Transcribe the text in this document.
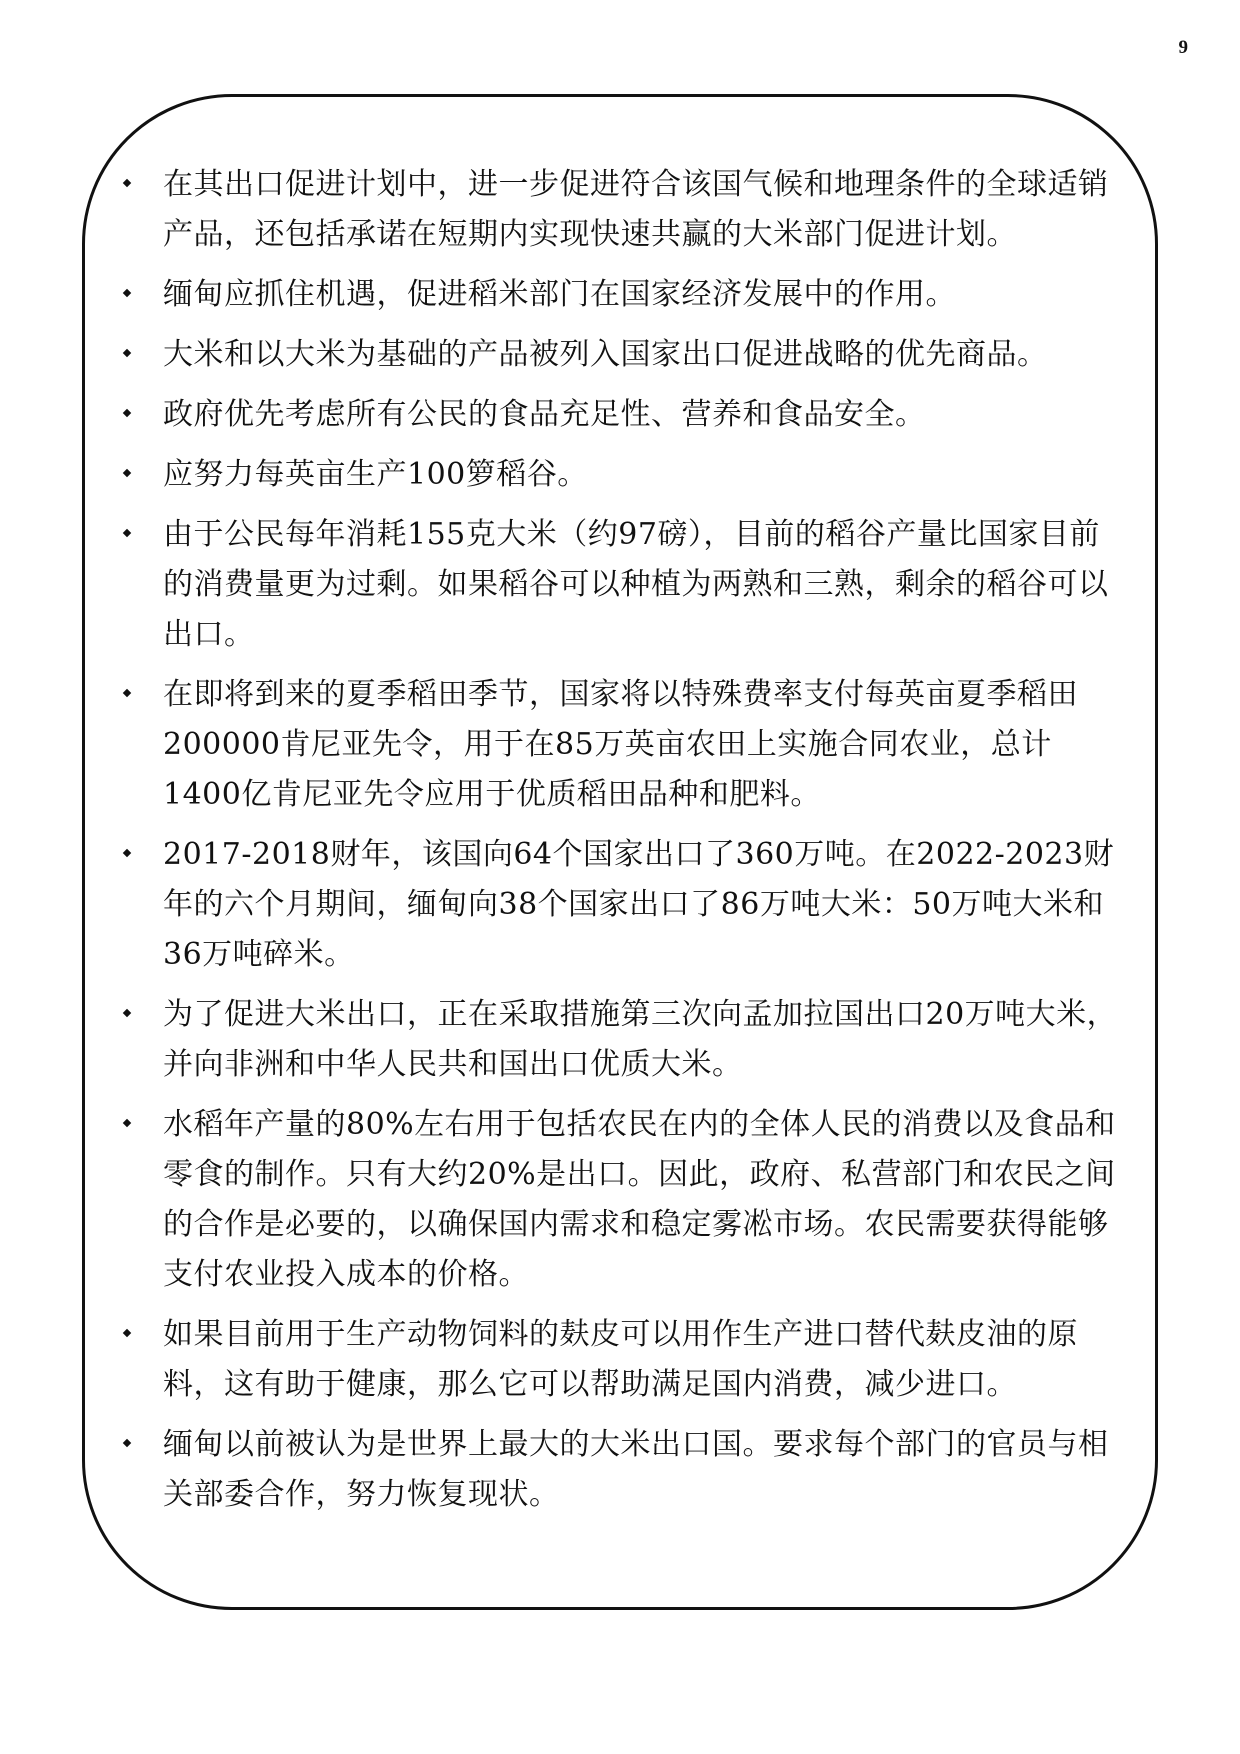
9
在其出口促进计划中，进一步促进符合该国气候和地理条件的全球适销产品，还包括承诺在短期内实现快速共赢的大米部门促进计划。
缅甸应抓住机遇，促进稻米部门在国家经济发展中的作用。
大米和以大米为基础的产品被列入国家出口促进战略的优先商品。
政府优先考虑所有公民的食品充足性、营养和食品安全。
应努力每英亩生产100箩稻谷。
由于公民每年消耗155克大米（约97磅），目前的稻谷产量比国家目前的消费量更为过剩。如果稻谷可以种植为两熟和三熟，剩余的稻谷可以出口。
在即将到来的夏季稻田季节，国家将以特殊费率支付每英亩夏季稻田200000肯尼亚先令，用于在85万英亩农田上实施合同农业，总计1400亿肯尼亚先令应用于优质稻田品种和肥料。
2017-2018财年，该国向64个国家出口了360万吨。在2022-2023财年的六个月期间，缅甸向38个国家出口了86万吨大米：50万吨大米和36万吨碎米。
为了促进大米出口，正在采取措施第三次向孟加拉国出口20万吨大米，并向非洲和中华人民共和国出口优质大米。
水稻年产量的80%左右用于包括农民在内的全体人民的消费以及食品和零食的制作。只有大约20%是出口。因此，政府、私营部门和农民之间的合作是必要的，以确保国内需求和稳定雾凇市场。农民需要获得能够支付农业投入成本的价格。
如果目前用于生产动物饲料的麸皮可以用作生产进口替代麸皮油的原料，这有助于健康，那么它可以帮助满足国内消费，减少进口。
缅甸以前被认为是世界上最大的大米出口国。要求每个部门的官员与相关部委合作，努力恢复现状。
